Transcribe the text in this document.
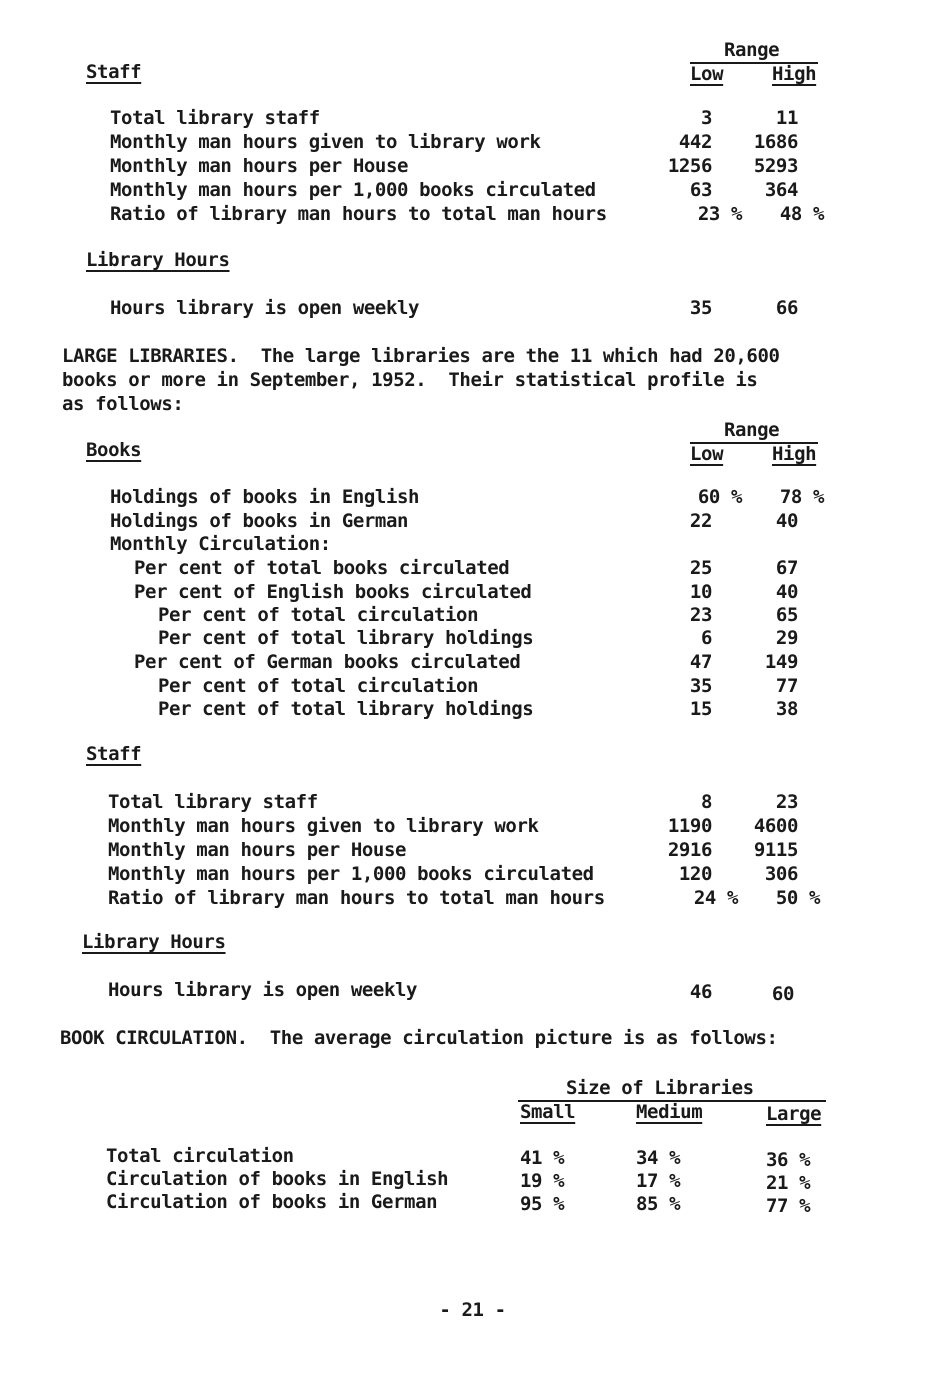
Staff
Range
Low	High
Total library staff	3	11
Monthly man hours given to library work	442	1686
Monthly man hours per House	1256	5293
Monthly man hours per 1,000 books circulated	63	364
Ratio of library man hours to total man hours	23 %	48 %
Library Hours
Hours library is open weekly	35	66
LARGE LIBRARIES.  The large libraries are the 11 which had 20,600
books or more in September, 1952.  Their statistical profile is
as follows:
Books
Range
Low	High
Holdings of books in English	60 %	78 %
Holdings of books in German	22	40
Monthly Circulation:
Per cent of total books circulated	25	67
Per cent of English books circulated	10	40
Per cent of total circulation	23	65
Per cent of total library holdings	6	29
Per cent of German books circulated	47	149
Per cent of total circulation	35	77
Per cent of total library holdings	15	38
Staff
Total library staff	8	23
Monthly man hours given to library work	1190	4600
Monthly man hours per House	2916	9115
Monthly man hours per 1,000 books circulated	120	306
Ratio of library man hours to total man hours	24 %	50 %
Library Hours
Hours library is open weekly	46	60
BOOK CIRCULATION.  The average circulation picture is as follows:
Size of Libraries
Small	Medium	Large
Total circulation	41 %	34 %	36 %
Circulation of books in English	19 %	17 %	21 %
Circulation of books in German	95 %	85 %	77 %
- 21 -
